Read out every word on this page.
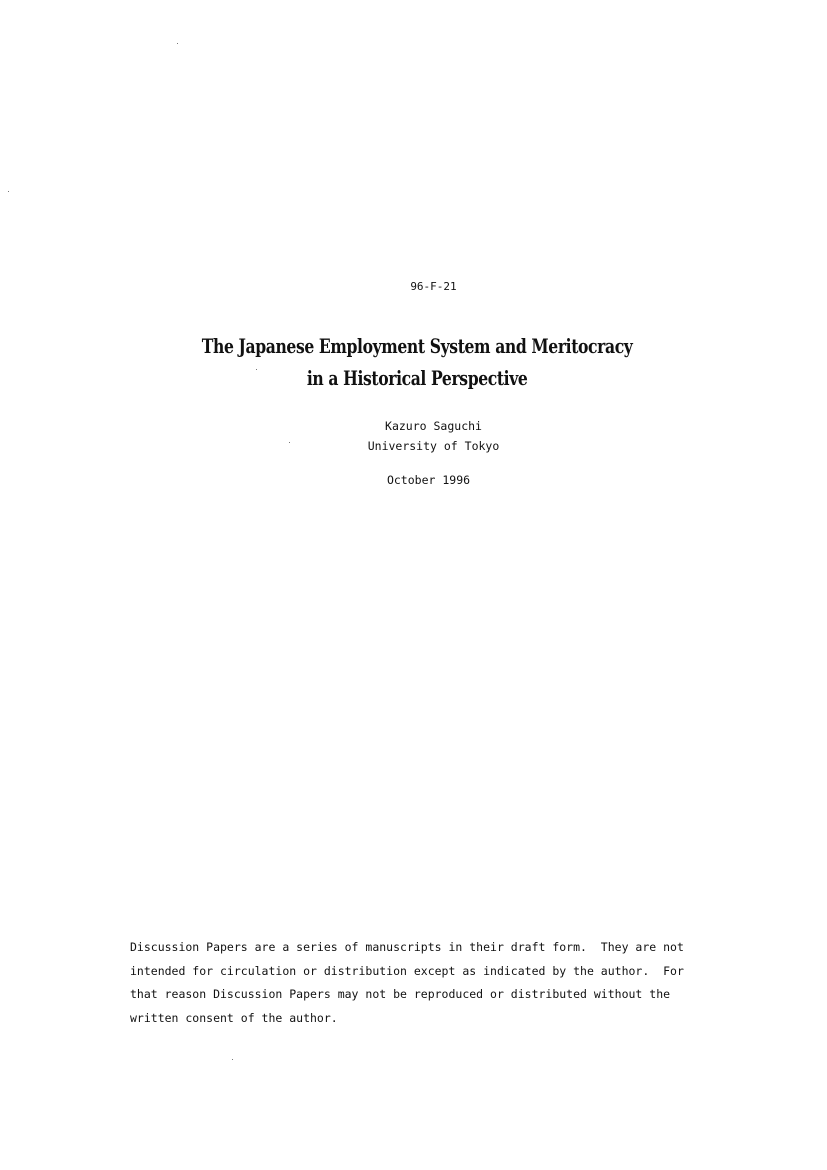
96-F-21
The Japanese Employment System and Meritocracy
in a Historical Perspective
Kazuro Saguchi
University of Tokyo
October 1996
Discussion Papers are a series of manuscripts in their draft form.  They are not
intended for circulation or distribution except as indicated by the author.  For
that reason Discussion Papers may not be reproduced or distributed without the
written consent of the author.
